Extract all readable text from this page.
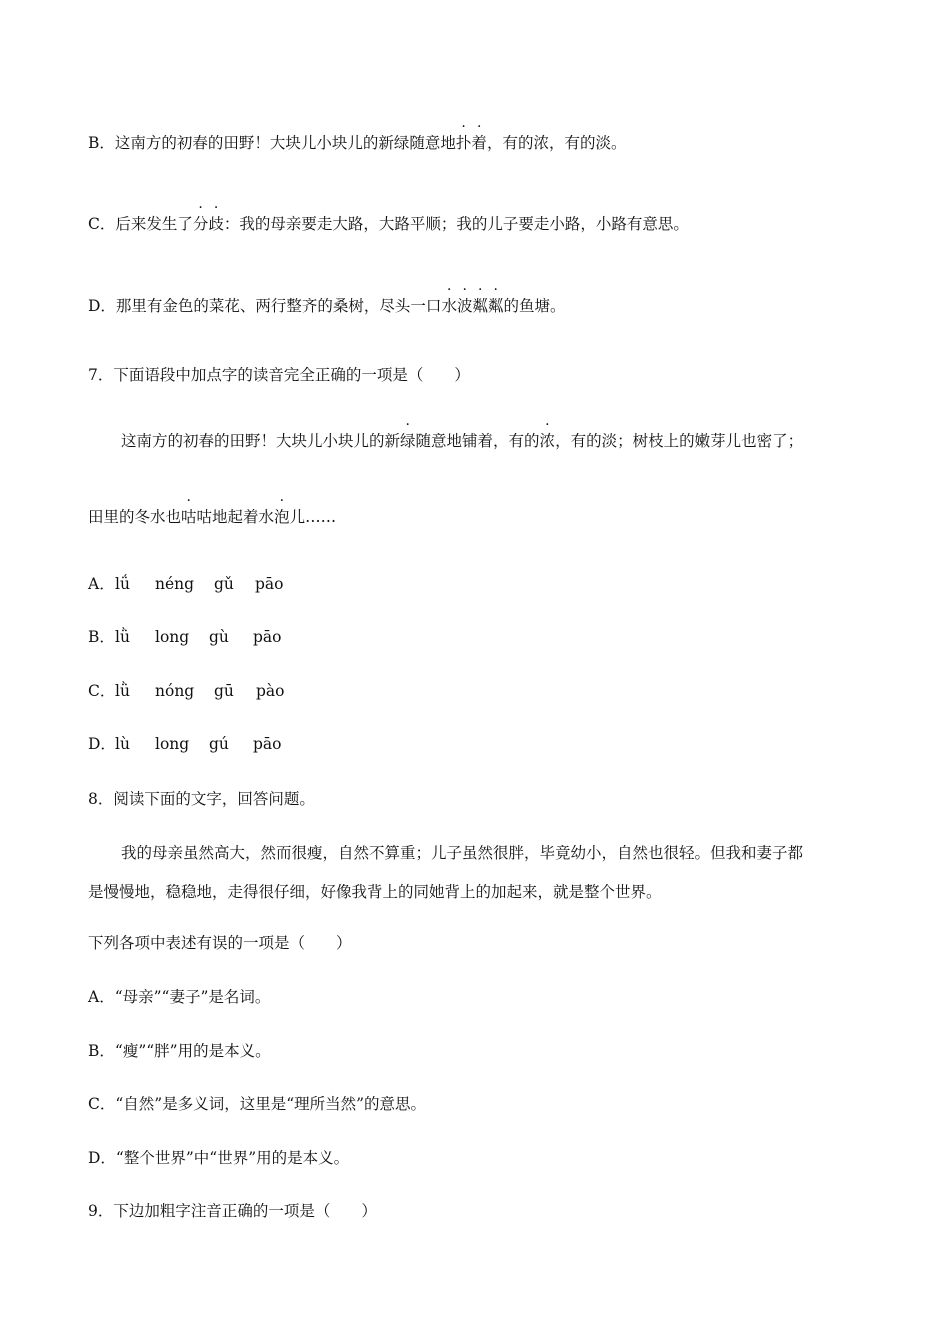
B．这南方的初春的田野！大块儿小块儿的新绿随意地扑着，有的浓，有的淡。
C．后来发生了分歧：我的母亲要走大路，大路平顺；我的儿子要走小路，小路有意思。
D．那里有金色的菜花、两行整齐的桑树，尽头一口水波粼粼的鱼塘。
7．下面语段中加点字的读音完全正确的一项是（　　）
这南方的初春的田野！大块儿小块儿的新绿随意地铺着，有的浓，有的淡；树枝上的嫩芽儿也密了；
田里的冬水也咕咕地起着水泡儿……
A．lǘ néng gǔ pāo
B．lǜ long gù pāo
C．lǜ nóng gū pào
D．lù long gú pāo
8．阅读下面的文字，回答问题。
我的母亲虽然高大，然而很瘦，自然不算重；儿子虽然很胖，毕竟幼小，自然也很轻。但我和妻子都
是慢慢地，稳稳地，走得很仔细，好像我背上的同她背上的加起来，就是整个世界。
下列各项中表述有误的一项是（　　）
A．“母亲”“妻子”是名词。
B．“瘦”“胖”用的是本义。
C．“自然”是多义词，这里是“理所当然”的意思。
D．“整个世界”中“世界”用的是本义。
9．下边加粗字注音正确的一项是（　　）
